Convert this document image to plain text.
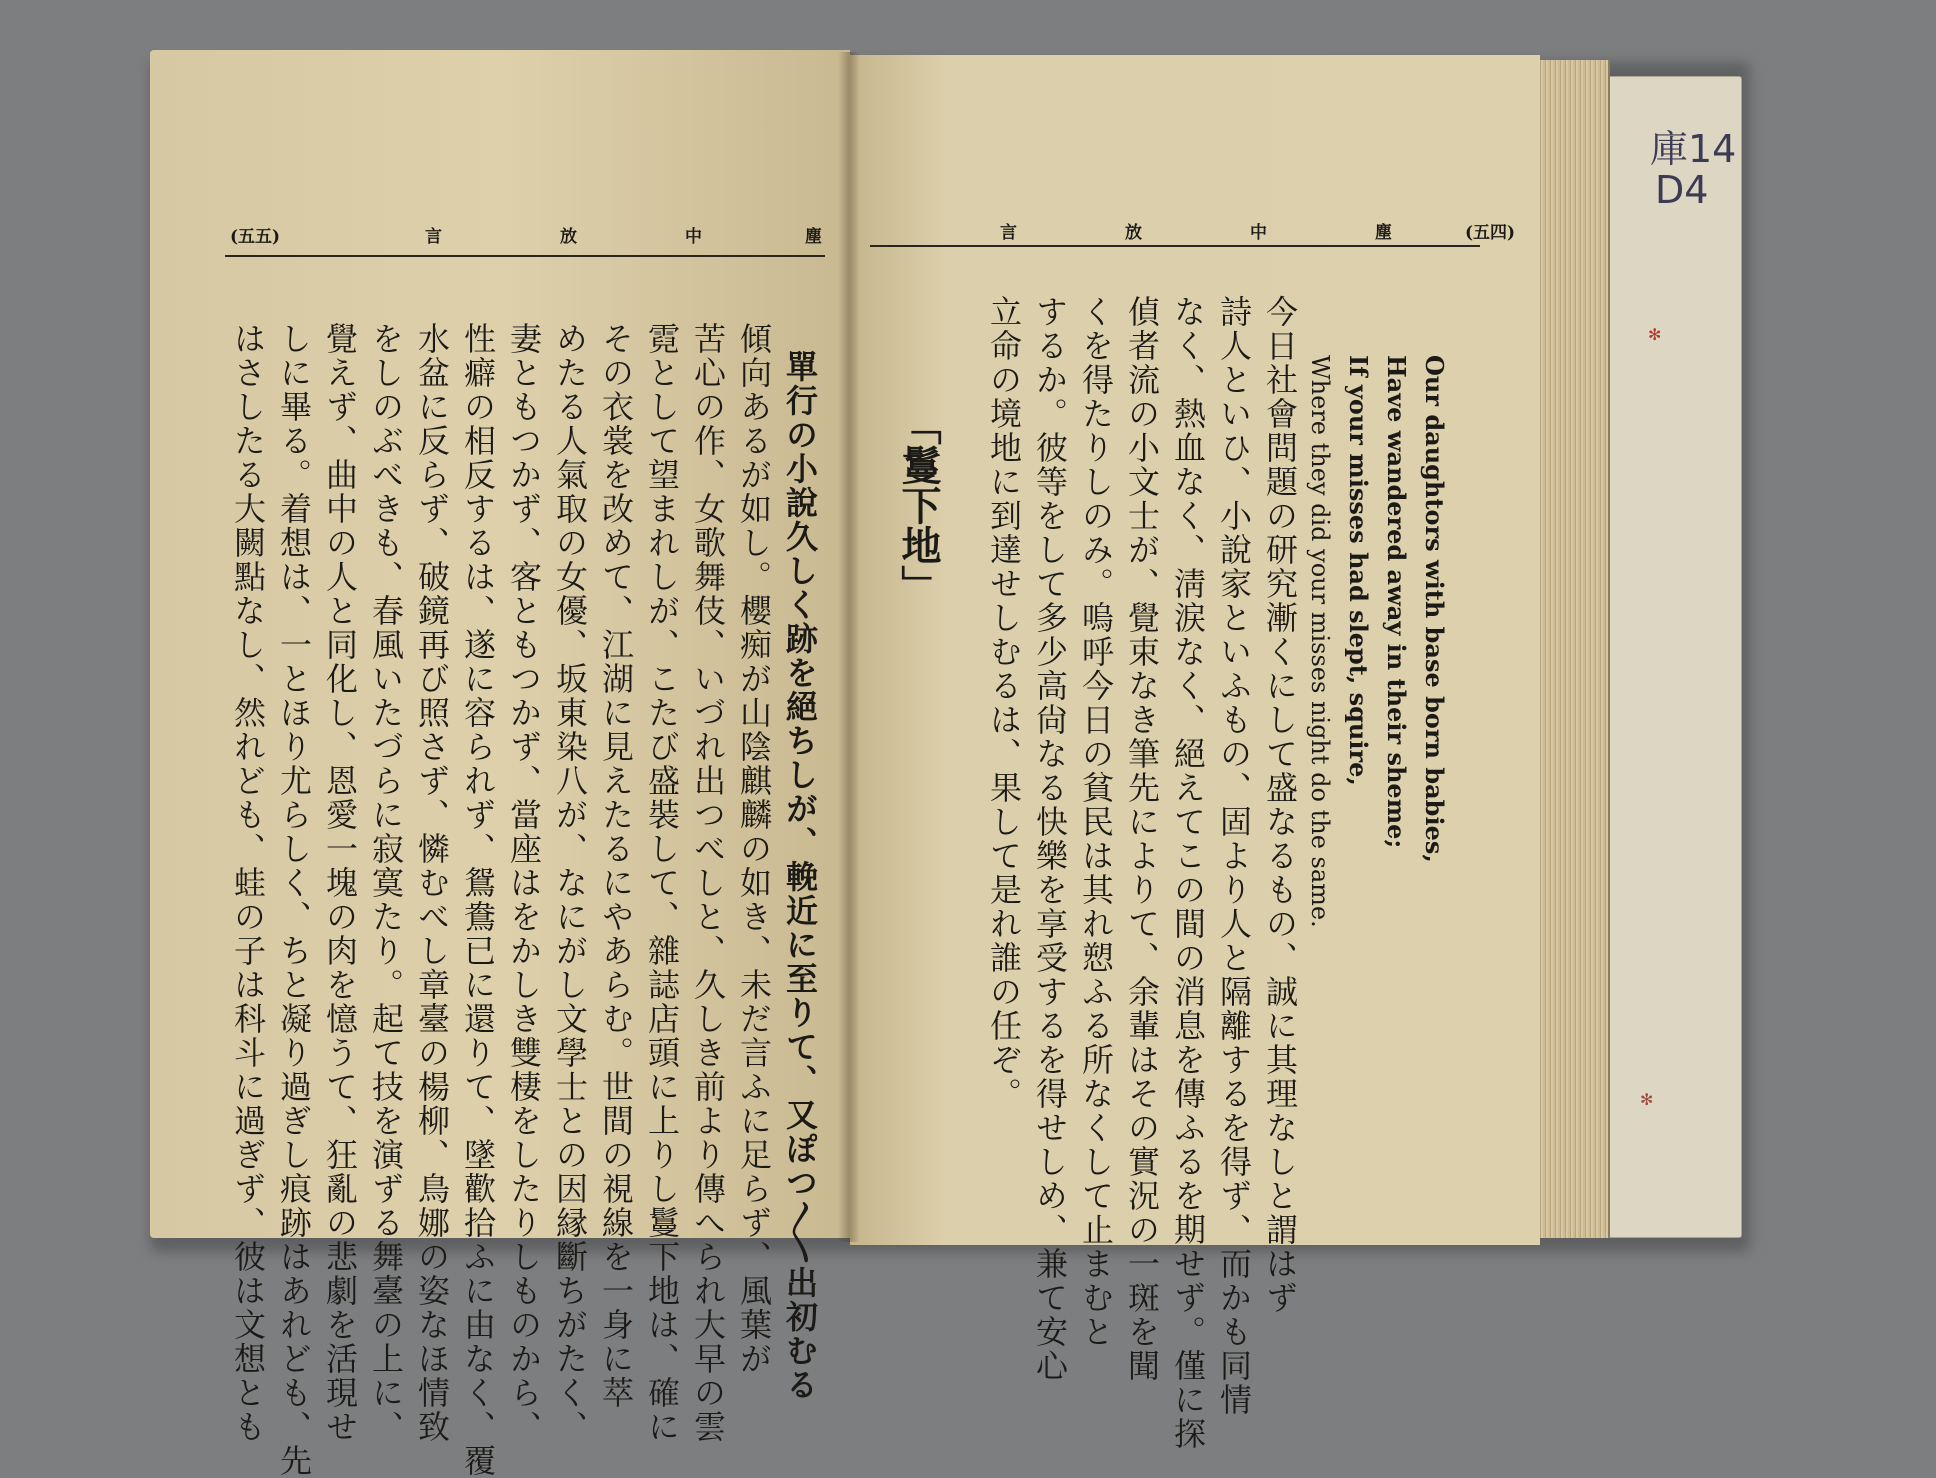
庫14
D4
✻
✻
(五五)	言	放	中	塵
單行の小說久しく跡を絕ちしが、輓近に至りて、又ぽつ〳〵出初むる
傾向あるが如し。櫻痴が山陰麒麟の如き、未だ言ふに足らず、風葉が
苦心の作、女歌舞伎、いづれ出つべしと、久しき前より傳へられ大早の雲
霓として望まれしが、こたび盛裝して、雜誌店頭に上りし鬘下地は、確に
その衣裳を改めて、江湖に見えたるにやあらむ。世間の視線を一身に萃
めたる人氣取の女優、坂東染八が、なにがし文學士との因縁斷ちがたく、
妻ともつかず、客ともつかず、當座はをかしき雙棲をしたりしものから、
性癖の相反するは、遂に容られず、鴛鴦已に還りて、墜歡拾ふに由なく、覆
水盆に反らず、破鏡再び照さず、憐むべし章臺の楊柳、鳥娜の姿なほ情致
をしのぶべきも、春風いたづらに寂寞たり。起て技を演ずる舞臺の上に、
覺えず、曲中の人と同化し、恩愛一塊の肉を憶うて、狂亂の悲劇を活現せ
しに畢る。着想は、一とほり尤らしく、ちと凝り過ぎし痕跡はあれども、先
はさしたる大闕點なし、然れども、蛙の子は科斗に過ぎず、彼は文想とも
言	放	中	塵	(五四)
Our daughtors with base born babies,
Have wandered away in their sheme;
If your misses had slept, squire,
Where they did your misses night do the same.
今日社會問題の研究漸くにして盛なるもの、誠に其理なしと謂はず
詩人といひ、小說家といふもの、固より人と隔離するを得ず、而かも同情
なく、熱血なく、淸涙なく、絕えてこの間の消息を傳ふるを期せず。僅に探
偵者流の小文士が、覺束なき筆先によりて、余輩はその實況の一斑を聞
くを得たりしのみ。嗚呼今日の貧民は其れ愬ふる所なくして止まむと
するか。彼等をして多少高尙なる快樂を享受するを得せしめ、兼て安心
立命の境地に到達せしむるは、果して是れ誰の任ぞ。
「鬘下地」
